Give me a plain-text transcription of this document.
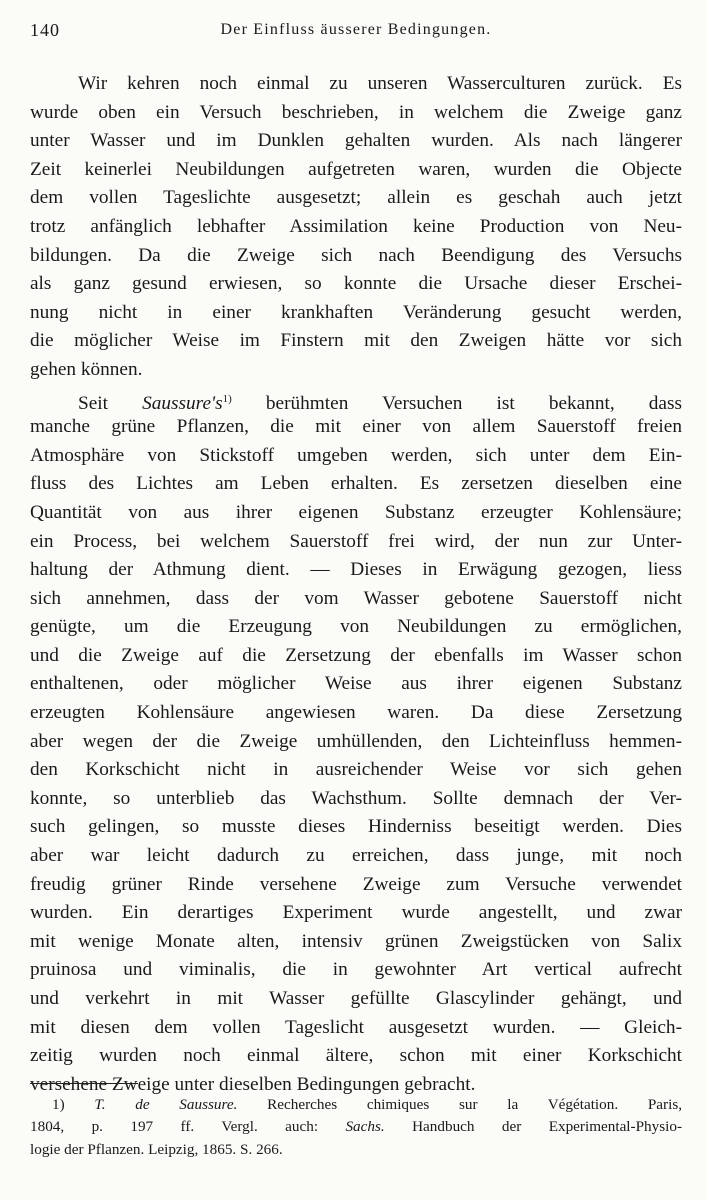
140	Der Einfluss äusserer Bedingungen.
Wir kehren noch einmal zu unseren Wasserculturen zurück. Es
wurde oben ein Versuch beschrieben, in welchem die Zweige ganz
unter Wasser und im Dunklen gehalten wurden. Als nach längerer
Zeit keinerlei Neubildungen aufgetreten waren, wurden die Objecte
dem vollen Tageslichte ausgesetzt; allein es geschah auch jetzt
trotz anfänglich lebhafter Assimilation keine Production von Neu-
bildungen. Da die Zweige sich nach Beendigung des Versuchs
als ganz gesund erwiesen, so konnte die Ursache dieser Erschei-
nung nicht in einer krankhaften Veränderung gesucht werden,
die möglicher Weise im Finstern mit den Zweigen hätte vor sich
gehen können.
Seit $Saussure's^{1)}$ berühmten Versuchen ist bekannt, dass
manche grüne Pflanzen, die mit einer von allem Sauerstoff freien
Atmosphäre von Stickstoff umgeben werden, sich unter dem Ein-
fluss des Lichtes am Leben erhalten. Es zersetzen dieselben eine
Quantität von aus ihrer eigenen Substanz erzeugter Kohlensäure;
ein Process, bei welchem Sauerstoff frei wird, der nun zur Unter-
haltung der Athmung dient. — Dieses in Erwägung gezogen, liess
sich annehmen, dass der vom Wasser gebotene Sauerstoff nicht
genügte, um die Erzeugung von Neubildungen zu ermöglichen,
und die Zweige auf die Zersetzung der ebenfalls im Wasser schon
enthaltenen, oder möglicher Weise aus ihrer eigenen Substanz
erzeugten Kohlensäure angewiesen waren. Da diese Zersetzung
aber wegen der die Zweige umhüllenden, den Lichteinfluss hemmen-
den Korkschicht nicht in ausreichender Weise vor sich gehen
konnte, so unterblieb das Wachsthum. Sollte demnach der Ver-
such gelingen, so musste dieses Hinderniss beseitigt werden. Dies
aber war leicht dadurch zu erreichen, dass junge, mit noch
freudig grüner Rinde versehene Zweige zum Versuche verwendet
wurden. Ein derartiges Experiment wurde angestellt, und zwar
mit wenige Monate alten, intensiv grünen Zweigstücken von Salix
pruinosa und viminalis, die in gewohnter Art vertical aufrecht
und verkehrt in mit Wasser gefüllte Glascylinder gehängt, und
mit diesen dem vollen Tageslicht ausgesetzt wurden. — Gleich-
zeitig wurden noch einmal ältere, schon mit einer Korkschicht
versehene Zweige unter dieselben Bedingungen gebracht.
1) T. de Saussure. Recherches chimiques sur la Végétation. Paris,
1804, p. 197 ff. Vergl. auch: Sachs. Handbuch der Experimental-Physio-
logie der Pflanzen. Leipzig, 1865. S. 266.
